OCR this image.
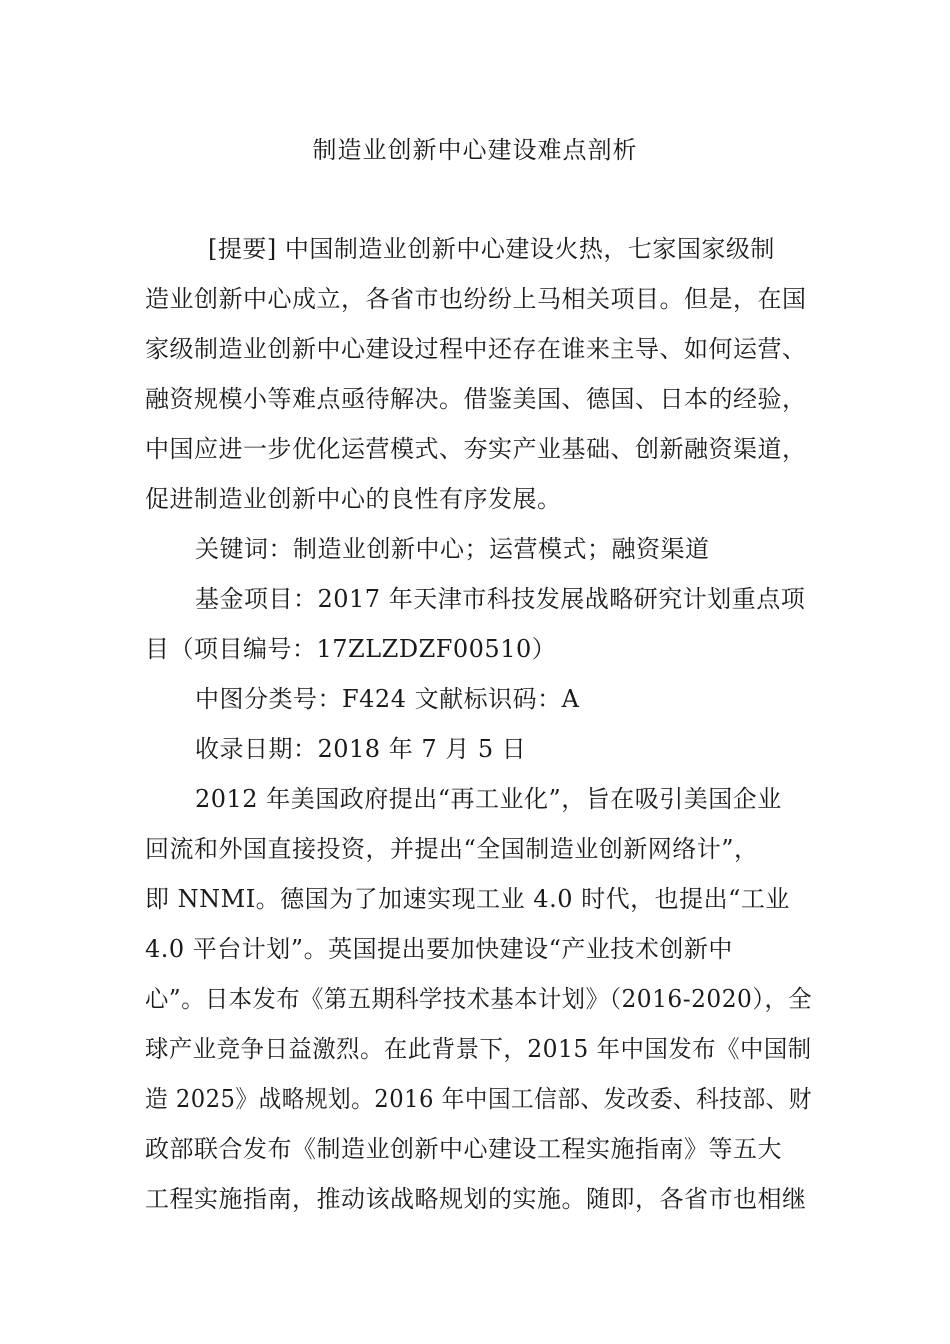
制造业创新中心建设难点剖析
[提要] 中国制造业创新中心建设火热，七家国家级制
造业创新中心成立，各省市也纷纷上马相关项目。但是，在国
家级制造业创新中心建设过程中还存在谁来主导、如何运营、
融资规模小等难点亟待解决。借鉴美国、德国、日本的经验，
中国应进一步优化运营模式、夯实产业基础、创新融资渠道，
促进制造业创新中心的良性有序发展。
关键词：制造业创新中心；运营模式；融资渠道
基金项目：2017 年天津市科技发展战略研究计划重点项
目（项目编号：17ZLZDZF00510）
中图分类号：F424 文献标识码：A
收录日期：2018 年 7 月 5 日
2012 年美国政府提出“再工业化”，旨在吸引美国企业
回流和外国直接投资，并提出“全国制造业创新网络计”，
即 NNMI。德国为了加速实现工业 4.0 时代，也提出“工业
4.0 平台计划”。英国提出要加快建设“产业技术创新中
心”。日本发布《第五期科学技术基本计划》（2016-2020），全
球产业竞争日益激烈。在此背景下，2015 年中国发布《中国制
造 2025》战略规划。2016 年中国工信部、发改委、科技部、财
政部联合发布《制造业创新中心建设工程实施指南》等五大
工程实施指南，推动该战略规划的实施。随即，各省市也相继
